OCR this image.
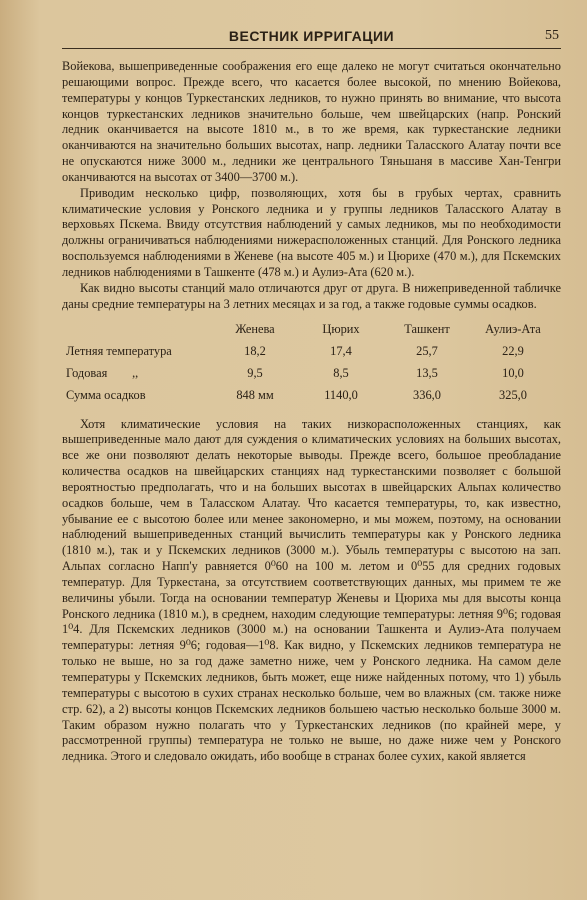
ВЕСТНИК ИРРИГАЦИИ	55

Войекова, вышеприведенные соображения его еще далеко не могут считаться окончательно решающими вопрос. Прежде всего, что касается более высокой, по мнению Войекова, температуры у концов Туркестанских ледников, то нужно принять во внимание, что высота концов туркестанских ледников значительно больше, чем швейцарских (напр. Ронский ледник оканчивается на высоте 1810 м., в то же время, как туркестанские ледники оканчиваются на значительно больших высотах, напр. ледники Таласского Алатау почти все не опускаются ниже 3000 м., ледники же центрального Тяньшаня в массиве Хан-Тенгри оканчиваются на высотах от 3400—3700 м.).

Приводим несколько цифр, позволяющих, хотя бы в грубых чертах, сравнить климатические условия у Ронского ледника и у группы ледников Таласского Алатау в верховьях Пскема. Ввиду отсутствия наблюдений у самых ледников, мы по необходимости должны ограничиваться наблюдениями нижерасположенных станций. Для Ронского ледника воспользуемся наблюдениями в Женеве (на высоте 405 м.) и Цюрихе (470 м.), для Пскемских ледников наблюдениями в Ташкенте (478 м.) и Аулиэ-Ата (620 м.).

Как видно высоты станций мало отличаются друг от друга. В нижеприведенной табличке даны средние температуры на 3 летних месяцах и за год, а также годовые суммы осадков.

	Женева	Цюрих	Ташкент	Аулиэ-Ата
Летняя температура	18,2	17,4	25,7	22,9
Годовая        ,,	9,5	8,5	13,5	10,0
Сумма осадков	848 мм	1140,0	336,0	325,0

Хотя климатические условия на таких низкорасположенных станциях, как вышеприведенные мало дают для суждения о климатических условиях на больших высотах, все же они позволяют делать некоторые выводы. Прежде всего, большое преобладание количества осадков на швейцарских станциях над туркестанскими позволяет с большой вероятностью предполагать, что и на больших высотах в швейцарских Альпах количество осадков больше, чем в Таласском Алатау. Что касается температуры, то, как известно, убывание ее с высотою более или менее закономерно, и мы можем, поэтому, на основании наблюдений вышеприведенных станций вычислить температуры как у Ронского ледника (1810 м.), так и у Пскемских ледников (3000 м.). Убыль температуры с высотою на зап. Альпах согласно Напп'у равняется 0⁰60 на 100 м. летом и 0⁰55 для средних годовых температур. Для Туркестана, за отсутствием соответствующих данных, мы примем те же величины убыли. Тогда на основании температур Женевы и Цюриха мы для высоты конца Ронского ледника (1810 м.), в среднем, находим следующие температуры: летняя 9⁰6; годовая 1⁰4. Для Пскемских ледников (3000 м.) на основании Ташкента и Аулиэ-Ата получаем температуры: летняя 9⁰6; годовая—1⁰8. Как видно, у Пскемских ледников температура не только не выше, но за год даже заметно ниже, чем у Ронского ледника. На самом деле температуры у Пскемских ледников, быть может, еще ниже найденных потому, что 1) убыль температуры с высотою в сухих странах несколько больше, чем во влажных (см. также ниже стр. 62), а 2) высоты концов Пскемских ледников большею частью несколько больше 3000 м. Таким образом нужно полагать что у Туркестанских ледников (по крайней мере, у рассмотренной группы) температура не только не выше, но даже ниже чем у Ронского ледника. Этого и следовало ожидать, ибо вообще в странах более сухих, какой является
